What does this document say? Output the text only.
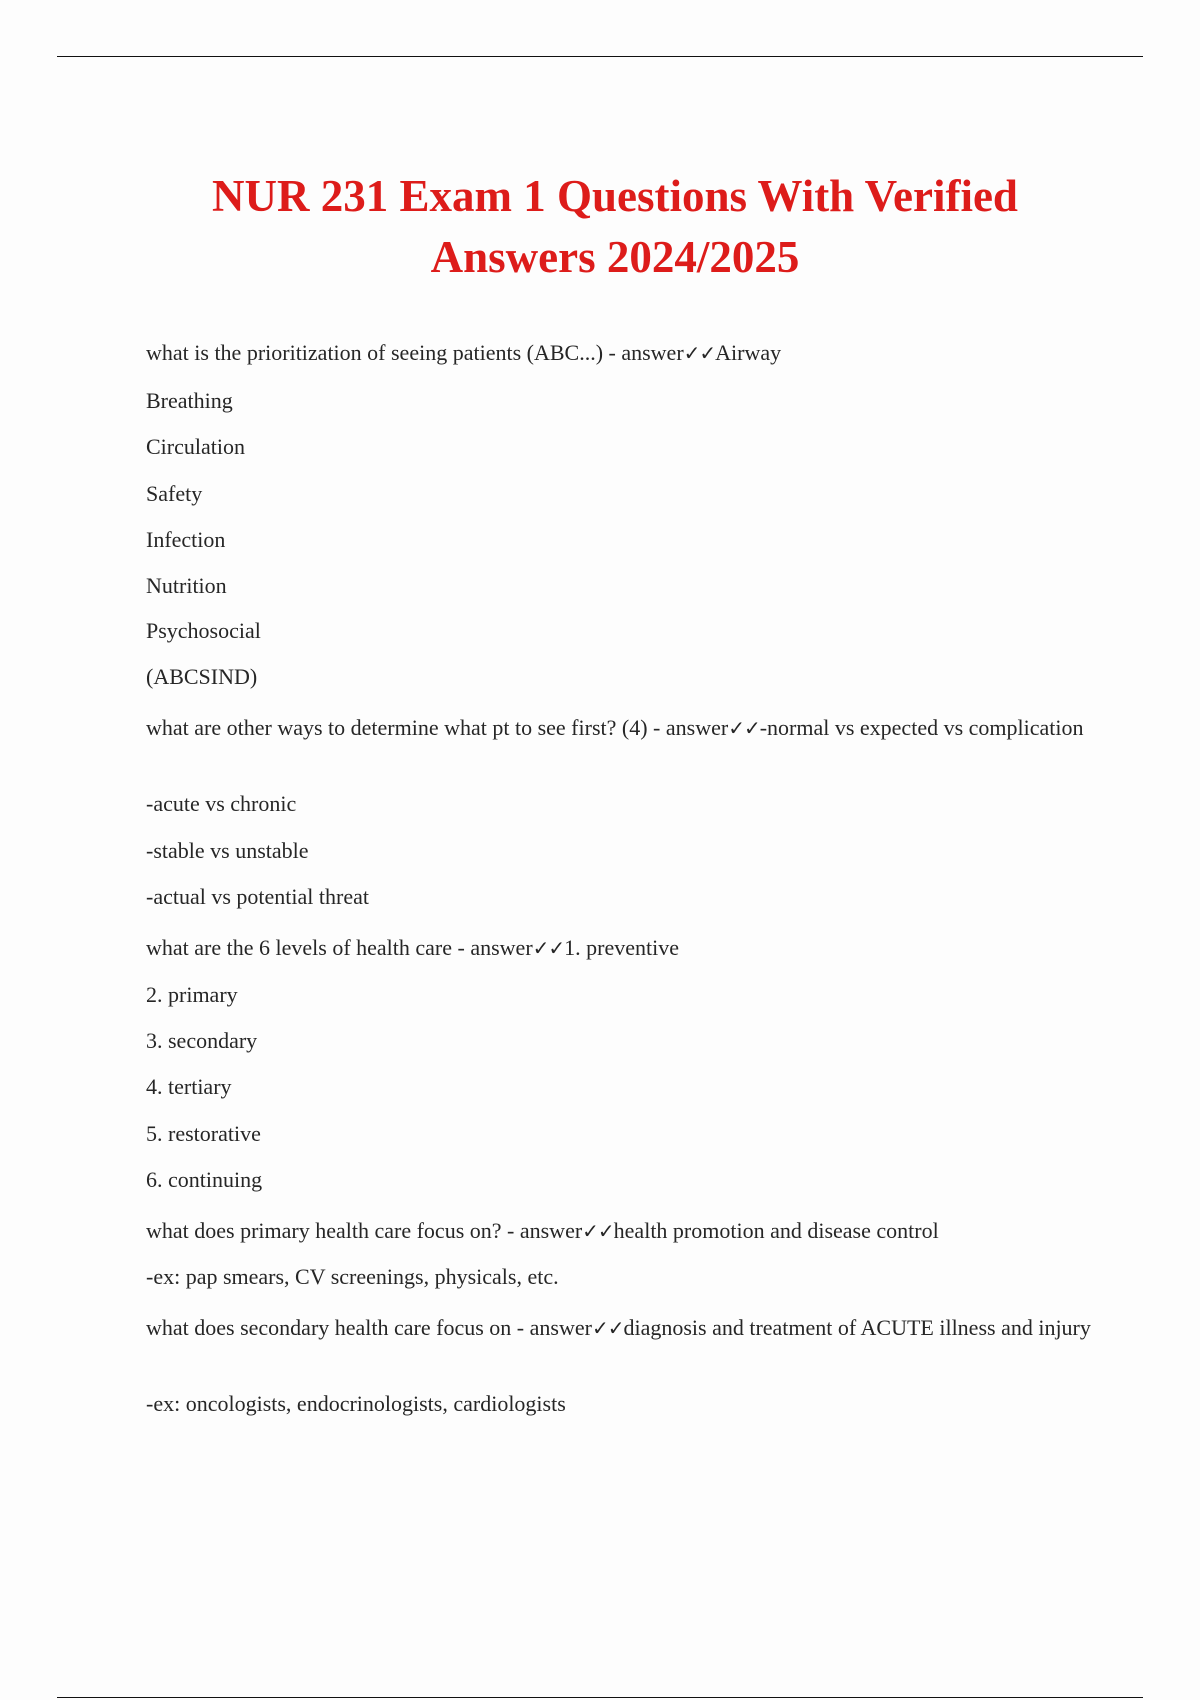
NUR 231 Exam 1 Questions With Verified
Answers 2024/2025

what is the prioritization of seeing patients (ABC...) - answer✓✓Airway

Breathing

Circulation

Safety

Infection

Nutrition

Psychosocial

(ABCSIND)

what are other ways to determine what pt to see first? (4) - answer✓✓-normal vs expected vs complication

-acute vs chronic

-stable vs unstable

-actual vs potential threat

what are the 6 levels of health care - answer✓✓1. preventive

2. primary

3. secondary

4. tertiary

5. restorative

6. continuing

what does primary health care focus on? - answer✓✓health promotion and disease control

-ex: pap smears, CV screenings, physicals, etc.

what does secondary health care focus on - answer✓✓diagnosis and treatment of ACUTE illness and injury

-ex: oncologists, endocrinologists, cardiologists
